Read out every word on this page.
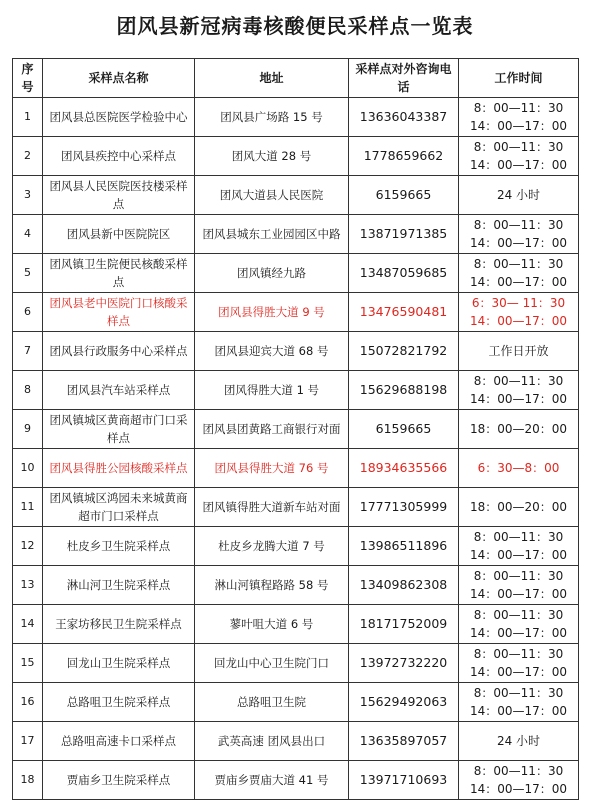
团风县新冠病毒核酸便民采样点一览表
序号	采样点名称	地址	采样点对外咨询电话	工作时间
1	团风县总医院医学检验中心	团风县广场路 15 号	13636043387	8：00—11：30
14：00—17：00

2	团风县疾控中心采样点	团风大道 28 号	1778659662	8：00—11：30
14：00—17：00

3	团风县人民医院医技楼采样点	团风大道县人民医院	6159665	24 小时

4	团风县新中医院院区	团风县城东工业园园区中路	13871971385	8：00—11：30
14：00—17：00

5	团风镇卫生院便民核酸采样点	团风镇经九路	13487059685	8：00—11：30
14：00—17：00

6	团风县老中医院门口核酸采样点	团风县得胜大道 9 号	13476590481	6：30— 11：30
14：00—17：00

7	团风县行政服务中心采样点	团风县迎宾大道 68 号	15072821792	工作日开放

8	团风县汽车站采样点	团风得胜大道 1 号	15629688198	8：00—11：30
14：00—17：00

9	团风镇城区黄商超市门口采样点	团风县团黄路工商银行对面	6159665	18：00—20：00

10	团风县得胜公园核酸采样点	团风县得胜大道 76 号	18934635566	6：30—8：00

11	团风镇城区鸿园未来城黄商超市门口采样点	团风镇得胜大道新车站对面	17771305999	18：00—20：00

12	杜皮乡卫生院采样点	杜皮乡龙腾大道 7 号	13986511896	8：00—11：30
14：00—17：00

13	淋山河卫生院采样点	淋山河镇程路路 58 号	13409862308	8：00—11：30
14：00—17：00

14	王家坊移民卫生院采样点	蓼叶咀大道 6 号	18171752009	8：00—11：30
14：00—17：00

15	回龙山卫生院采样点	回龙山中心卫生院门口	13972732220	8：00—11：30
14：00—17：00

16	总路咀卫生院采样点	总路咀卫生院	15629492063	8：00—11：30
14：00—17：00

17	总路咀高速卡口采样点	武英高速 团风县出口	13635897057	24 小时

18	贾庙乡卫生院采样点	贾庙乡贾庙大道 41 号	13971710693	8：00—11：30
14：00—17：00
